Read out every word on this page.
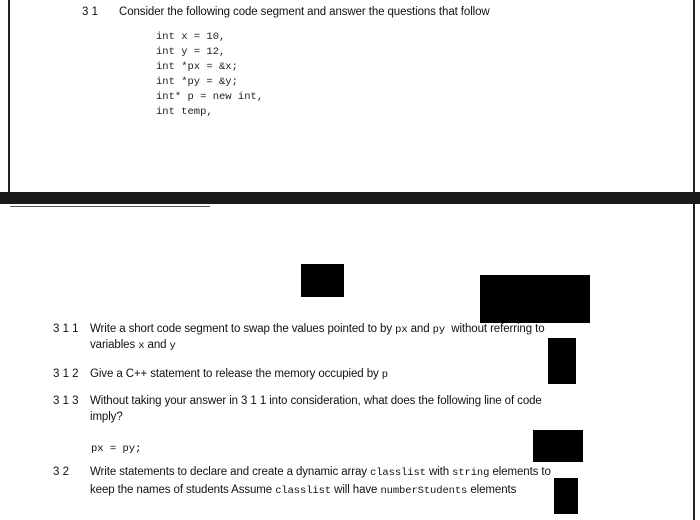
3 1 Consider the following code segment and answer the questions that follow
int x = 10,
int y = 12,
int *px = &x;
int *py = &y;
int* p = new int,
int temp,
3 1 1 Write a short code segment to swap the values pointed to by px and py without referring to
variables x and y
3 1 2 Give a C++ statement to release the memory occupied by p
3 1 3 Without taking your answer in 3 1 1 into consideration, what does the following line of code
imply?
px = py;
3 2 Write statements to declare and create a dynamic array classlist with string elements to
keep the names of students Assume classlist will have numberStudents elements
